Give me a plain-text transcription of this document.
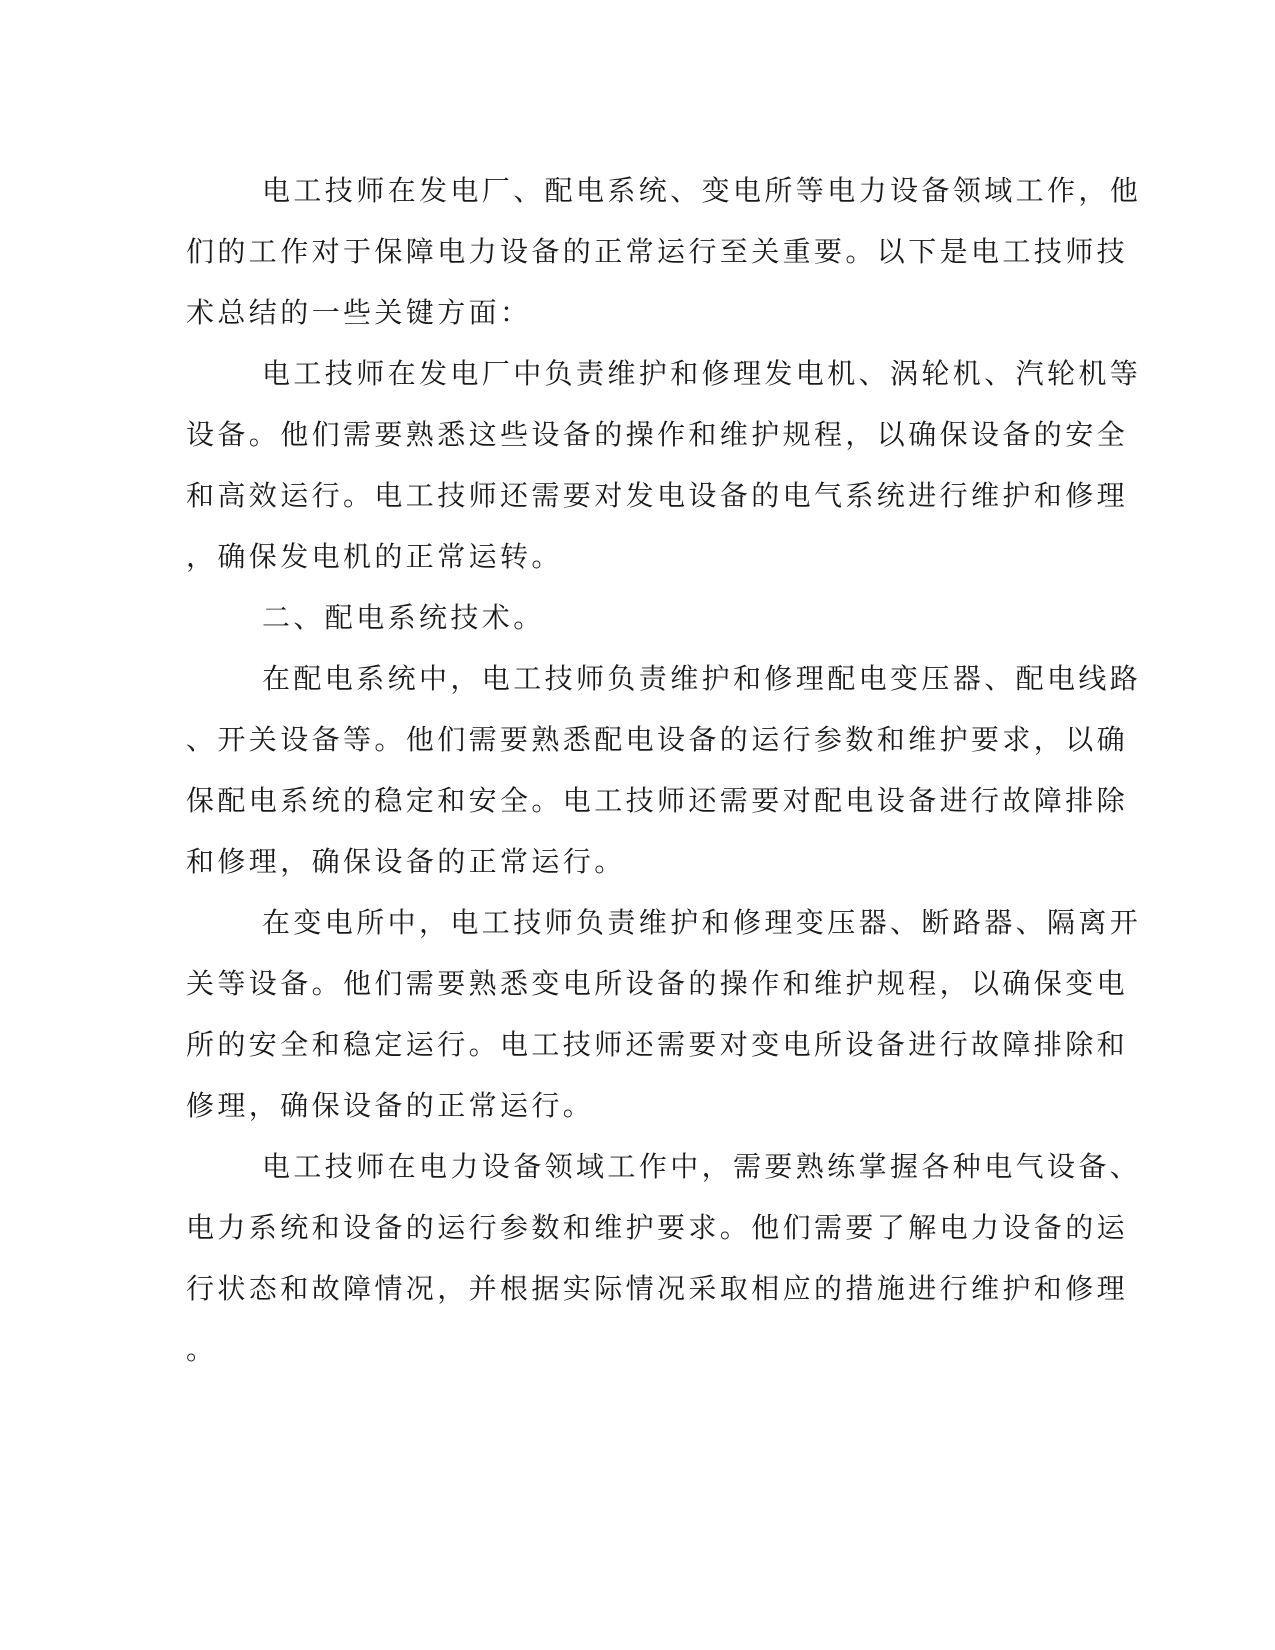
电工技师在发电厂、配电系统、变电所等电力设备领域工作，他

们的工作对于保障电力设备的正常运行至关重要。以下是电工技师技

术总结的一些关键方面：

电工技师在发电厂中负责维护和修理发电机、涡轮机、汽轮机等

设备。他们需要熟悉这些设备的操作和维护规程，以确保设备的安全

和高效运行。电工技师还需要对发电设备的电气系统进行维护和修理

，确保发电机的正常运转。

二、配电系统技术。

在配电系统中，电工技师负责维护和修理配电变压器、配电线路

、开关设备等。他们需要熟悉配电设备的运行参数和维护要求，以确

保配电系统的稳定和安全。电工技师还需要对配电设备进行故障排除

和修理，确保设备的正常运行。

在变电所中，电工技师负责维护和修理变压器、断路器、隔离开

关等设备。他们需要熟悉变电所设备的操作和维护规程，以确保变电

所的安全和稳定运行。电工技师还需要对变电所设备进行故障排除和

修理，确保设备的正常运行。

电工技师在电力设备领域工作中，需要熟练掌握各种电气设备、

电力系统和设备的运行参数和维护要求。他们需要了解电力设备的运

行状态和故障情况，并根据实际情况采取相应的措施进行维护和修理

。
